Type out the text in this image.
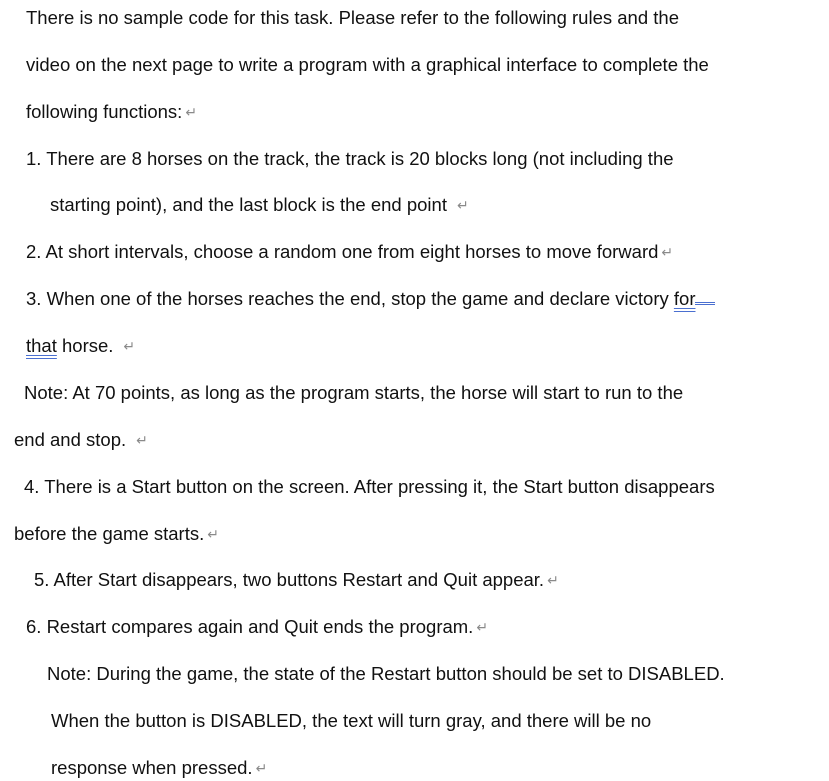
There is no sample code for this task. Please refer to the following rules and the
video on the next page to write a program with a graphical interface to complete the
following functions: ↵
1. There are 8 horses on the track, the track is 20 blocks long (not including the
starting point), and the last block is the end point ↵
2. At short intervals, choose a random one from eight horses to move forward ↵
3. When one of the horses reaches the end, stop the game and declare victory for
that horse. ↵
Note: At 70 points, as long as the program starts, the horse will start to run to the
end and stop. ↵
4. There is a Start button on the screen. After pressing it, the Start button disappears
before the game starts. ↵
5. After Start disappears, two buttons Restart and Quit appear. ↵
6. Restart compares again and Quit ends the program. ↵
Note: During the game, the state of the Restart button should be set to DISABLED.
When the button is DISABLED, the text will turn gray, and there will be no
response when pressed. ↵
